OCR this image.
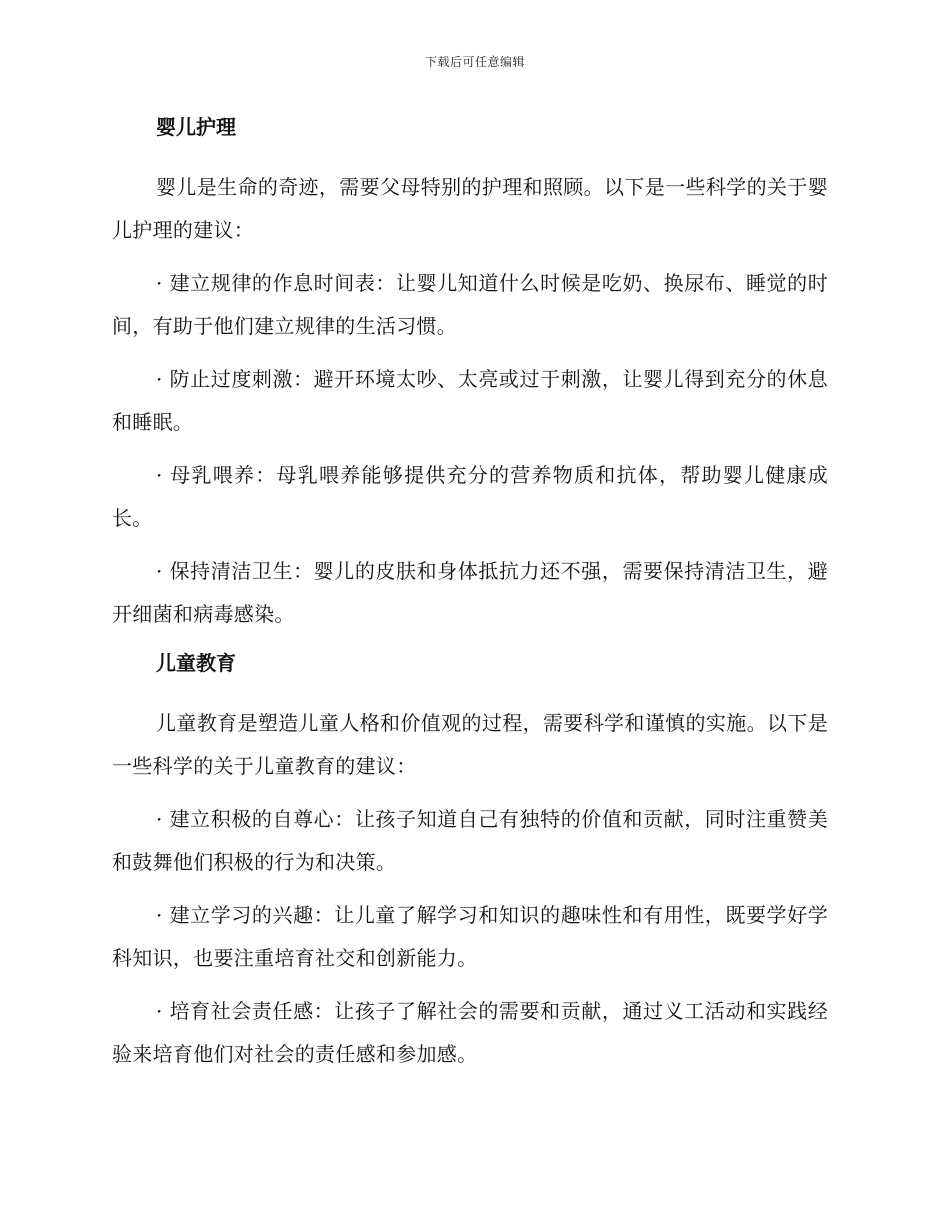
下载后可任意编辑
婴儿护理

婴儿是生命的奇迹，需要父母特别的护理和照顾。以下是一些科学的关于婴儿护理的建议：

· 建立规律的作息时间表：让婴儿知道什么时候是吃奶、换尿布、睡觉的时间，有助于他们建立规律的生活习惯。

· 防止过度刺激：避开环境太吵、太亮或过于刺激，让婴儿得到充分的休息和睡眠。

· 母乳喂养：母乳喂养能够提供充分的营养物质和抗体，帮助婴儿健康成长。

· 保持清洁卫生：婴儿的皮肤和身体抵抗力还不强，需要保持清洁卫生，避开细菌和病毒感染。

儿童教育

儿童教育是塑造儿童人格和价值观的过程，需要科学和谨慎的实施。以下是一些科学的关于儿童教育的建议：

· 建立积极的自尊心：让孩子知道自己有独特的价值和贡献，同时注重赞美和鼓舞他们积极的行为和决策。

· 建立学习的兴趣：让儿童了解学习和知识的趣味性和有用性，既要学好学科知识，也要注重培育社交和创新能力。

· 培育社会责任感：让孩子了解社会的需要和贡献，通过义工活动和实践经验来培育他们对社会的责任感和参加感。
